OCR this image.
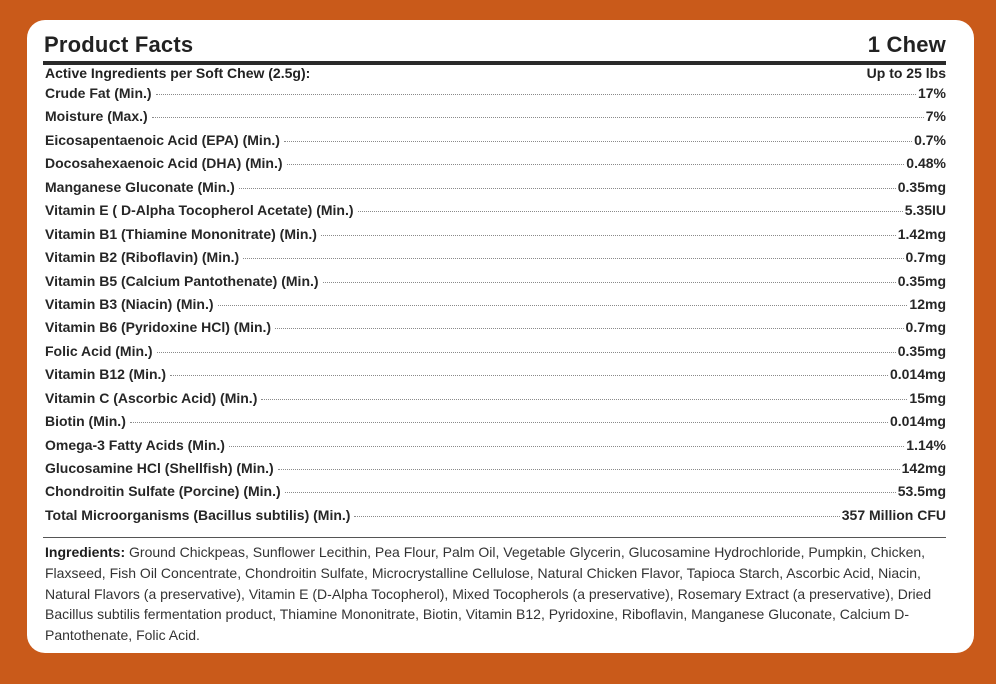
Product Facts	1 Chew
Active Ingredients per Soft Chew (2.5g):	Up to 25 lbs
Crude Fat (Min.)	17%
Moisture (Max.)	7%
Eicosapentaenoic Acid (EPA) (Min.)	0.7%
Docosahexaenoic Acid (DHA) (Min.)	0.48%
Manganese Gluconate (Min.)	0.35mg
Vitamin E ( D-Alpha Tocopherol Acetate) (Min.)	5.35IU
Vitamin B1 (Thiamine Mononitrate) (Min.)	1.42mg
Vitamin B2 (Riboflavin) (Min.)	0.7mg
Vitamin B5 (Calcium Pantothenate) (Min.)	0.35mg
Vitamin B3 (Niacin) (Min.)	12mg
Vitamin B6 (Pyridoxine HCl) (Min.)	0.7mg
Folic Acid (Min.)	0.35mg
Vitamin B12 (Min.)	0.014mg
Vitamin C (Ascorbic Acid) (Min.)	15mg
Biotin (Min.)	0.014mg
Omega-3 Fatty Acids (Min.)	1.14%
Glucosamine HCl (Shellfish) (Min.)	142mg
Chondroitin Sulfate (Porcine) (Min.)	53.5mg
Total Microorganisms (Bacillus subtilis) (Min.)	357 Million CFU
Ingredients: Ground Chickpeas, Sunflower Lecithin, Pea Flour, Palm Oil, Vegetable Glycerin, Glucosamine Hydrochloride, Pumpkin, Chicken, Flaxseed, Fish Oil Concentrate, Chondroitin Sulfate, Microcrystalline Cellulose, Natural Chicken Flavor, Tapioca Starch, Ascorbic Acid, Niacin, Natural Flavors (a preservative), Vitamin E (D-Alpha Tocopherol), Mixed Tocopherols (a preservative), Rosemary Extract (a preservative), Dried Bacillus subtilis fermentation product, Thiamine Mononitrate, Biotin, Vitamin B12, Pyridoxine, Riboflavin, Manganese Gluconate, Calcium D-Pantothenate, Folic Acid.
